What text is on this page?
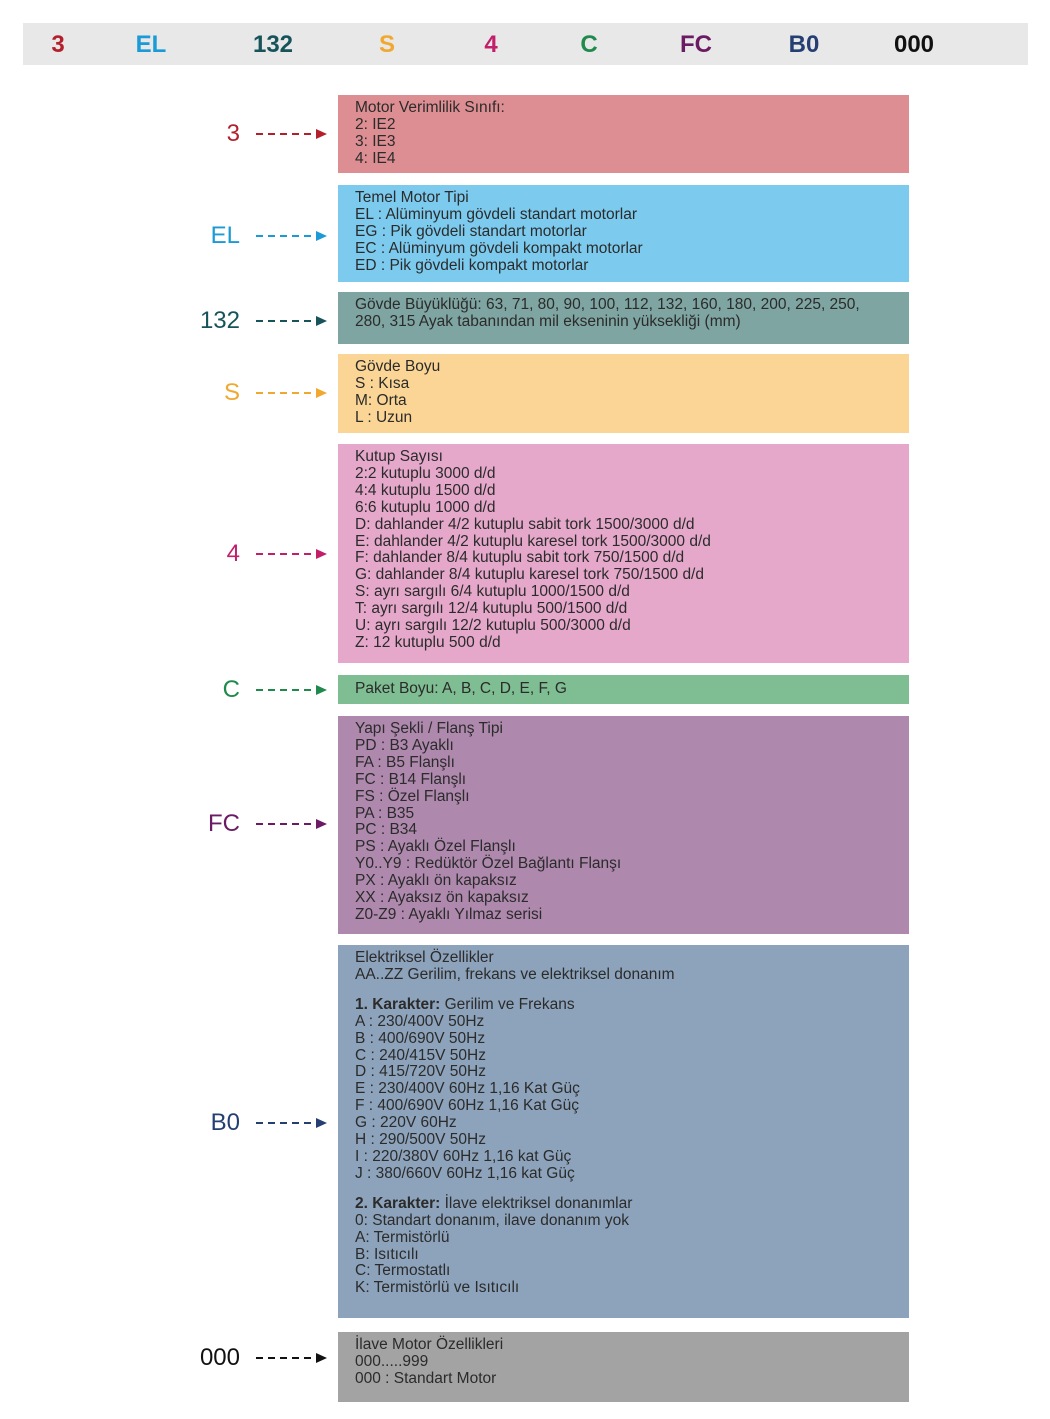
3	EL	132	S	4	C	FC	B0	000
3
Motor Verimlilik Sınıfı:
2: IE2
3: IE3
4: IE4
EL
Temel Motor Tipi
EL : Alüminyum gövdeli standart motorlar
EG : Pik gövdeli standart motorlar
EC : Alüminyum gövdeli kompakt motorlar
ED : Pik gövdeli kompakt motorlar
132
Gövde Büyüklüğü: 63, 71, 80, 90, 100, 112, 132, 160, 180, 200, 225, 250,
280, 315 Ayak tabanından mil ekseninin yüksekliği (mm)
S
Gövde Boyu
S : Kısa
M: Orta
L : Uzun
4
Kutup Sayısı
2:2 kutuplu 3000 d/d
4:4 kutuplu 1500 d/d
6:6 kutuplu 1000 d/d
D: dahlander 4/2 kutuplu sabit tork 1500/3000 d/d
E: dahlander 4/2 kutuplu karesel tork 1500/3000 d/d
F: dahlander 8/4 kutuplu sabit tork 750/1500 d/d
G: dahlander 8/4 kutuplu karesel tork 750/1500 d/d
S: ayrı sargılı 6/4 kutuplu 1000/1500 d/d
T: ayrı sargılı 12/4 kutuplu 500/1500 d/d
U: ayrı sargılı 12/2 kutuplu 500/3000 d/d
Z: 12 kutuplu 500 d/d
C	Paket Boyu: A, B, C, D, E, F, G
FC
Yapı Şekli / Flanş Tipi
PD : B3 Ayaklı
FA : B5 Flanşlı
FC : B14 Flanşlı
FS : Özel Flanşlı
PA : B35
PC : B34
PS : Ayaklı Özel Flanşlı
Y0..Y9 : Redüktör Özel Bağlantı Flanşı
PX : Ayaklı ön kapaksız
XX : Ayaksız ön kapaksız
Z0-Z9 : Ayaklı Yılmaz serisi
B0
Elektriksel Özellikler
AA..ZZ Gerilim, frekans ve elektriksel donanım
1. Karakter: Gerilim ve Frekans
A : 230/400V 50Hz
B : 400/690V 50Hz
C : 240/415V 50Hz
D : 415/720V 50Hz
E : 230/400V 60Hz 1,16 Kat Güç
F : 400/690V 60Hz 1,16 Kat Güç
G : 220V 60Hz
H : 290/500V 50Hz
I : 220/380V 60Hz 1,16 kat Güç
J : 380/660V 60Hz 1,16 kat Güç
2. Karakter: İlave elektriksel donanımlar
0: Standart donanım, ilave donanım yok
A: Termistörlü
B: Isıtıcılı
C: Termostatlı
K: Termistörlü ve Isıtıcılı
000	İlave Motor Özellikleri
000.....999
000 : Standart Motor
